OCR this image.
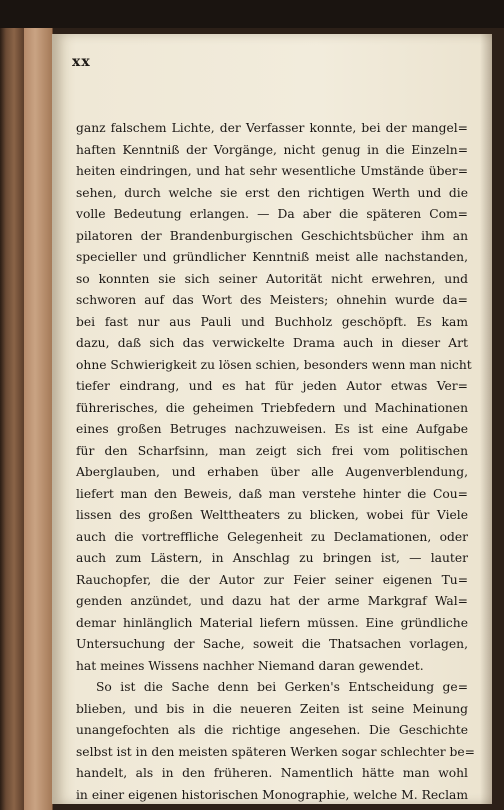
xx
ganz falschem Lichte, der Verfasser konnte, bei der mangel=
haften Kenntniß der Vorgänge, nicht genug in die Einzeln=
heiten eindringen, und hat sehr wesentliche Umstände über=
sehen, durch welche sie erst den richtigen Werth und die
volle Bedeutung erlangen. — Da aber die späteren Com=
pilatoren der Brandenburgischen Geschichtsbücher ihm an
specieller und gründlicher Kenntniß meist alle nachstanden,
so konnten sie sich seiner Autorität nicht erwehren, und
schworen auf das Wort des Meisters; ohnehin wurde da=
bei fast nur aus Pauli und Buchholz geschöpft. Es kam
dazu, daß sich das verwickelte Drama auch in dieser Art
ohne Schwierigkeit zu lösen schien, besonders wenn man nicht
tiefer eindrang, und es hat für jeden Autor etwas Ver=
führerisches, die geheimen Triebfedern und Machinationen
eines großen Betruges nachzuweisen. Es ist eine Aufgabe
für den Scharfsinn, man zeigt sich frei vom politischen
Aberglauben, und erhaben über alle Augenverblendung,
liefert man den Beweis, daß man verstehe hinter die Cou=
lissen des großen Welttheaters zu blicken, wobei für Viele
auch die vortreffliche Gelegenheit zu Declamationen, oder
auch zum Lästern, in Anschlag zu bringen ist, — lauter
Rauchopfer, die der Autor zur Feier seiner eigenen Tu=
genden anzündet, und dazu hat der arme Markgraf Wal=
demar hinlänglich Material liefern müssen. Eine gründliche
Untersuchung der Sache, soweit die Thatsachen vorlagen,
hat meines Wissens nachher Niemand daran gewendet.
So ist die Sache denn bei Gerken's Entscheidung ge=
blieben, und bis in die neueren Zeiten ist seine Meinung
unangefochten als die richtige angesehen. Die Geschichte
selbst ist in den meisten späteren Werken sogar schlechter be=
handelt, als in den früheren. Namentlich hätte man wohl
in einer eigenen historischen Monographie, welche M. Reclam
